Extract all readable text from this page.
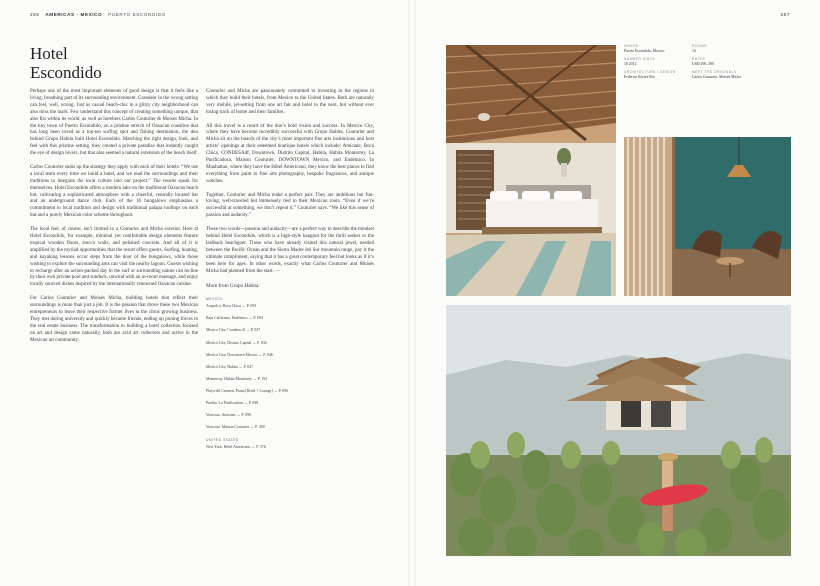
286 AMERICAS · MEXICO PUERTO ESCONDIDO	287
Hotel
Escondido

Perhaps one of the most important elements of good design is that it feels like a living, breathing part of its surrounding environment. Grandeur in the wrong setting can feel, well, wrong. Just as casual beach-chic in a glitzy city neighborhood can also miss the mark. Few understand this concept of creating something unique, that also fits within its world, as well as hoteliers Carlos Couturier & Moisés Micha. In the tiny town of Puerto Escondido, on a pristine stretch of Oaxacan coastline that has long been loved as a top-ten surfing spot and fishing destination, the duo behind Grupo Habita built Hotel Escondido. Matching the right design, look, and feel with this pristine setting, they created a private paradise that instantly caught the eye of design lovers, but that also seemed a natural extension of the beach itself.

Carlos Couturier sums up the strategy they apply with each of their hotels: “We use a local team every time we build a hotel, and we read the surroundings and their traditions to integrate the local culture into our project.” The results speak for themselves. Hotel Escondido offers a modern take on the traditional Oaxacan beach hut, cultivating a sophisticated atmosphere with a cheerful, centrally located bar and an underground dance club. Each of the 16 bungalows emphasizes a commitment to local tradition and design with traditional palapa rooftops on each hut and a purely Mexican color scheme throughout.

The local feel, of course, isn’t limited to a Couturier and Micha exterior. Here at Hotel Escondido, for example, minimal yet comfortable design elements feature tropical wooden floors, stucco walls, and polished concrete. And all of it is amplified by the myriad opportunities that the resort offers guests. Surfing, boating, and kayaking lessons occur steps from the door of the bungalows, while those wishing to explore the surrounding area can visit the nearby lagoon. Guests wishing to recharge after an action-packed day in the surf or surrounding nature can recline by their own private pool and sundeck, unwind with an in-room massage, and enjoy locally sourced dishes inspired by the internationally renowned Oaxacan cuisine.

For Carlos Couturier and Moisés Micha, building hotels that reflect their surroundings is more than just a job. It is the passion that drove these two Mexican entrepreneurs to leave their respective former lives in the citrus growing business. They met during university and quickly became friends, ending up joining forces in the real estate business. The transformation to building a hotel collection focused on art and design came naturally, both are avid art collectors and active in the Mexican art community.

Couturier and Micha are passionately committed to investing in the regions in which they build their hotels, from Mexico to the United States. Both are naturally very mobile, jet-setting from one art fair and hotel to the next, but without ever losing track of home and their families.

All this travel is a result of the duo’s bold vision and success. In Mexico City, where they have become incredibly successful with Grupo Habita, Couturier and Micha sit on the boards of the city’s most important fine arts institutions and host artists’ openings at their esteemed boutique hotels which include: Amicane, Boca Chica, CONDESAdf, Downtown, Distrito Capital, Habita, Habita Monterrey, La Purificadora, Maison Couturier, DOWNTOWN Mexico, and Endémico. In Manhattan, where they have the Hôtel Americano, they know the best places to find everything from paint to fine arts photography, bespoke fragrances, and antique watches.

Together, Couturier and Micha make a perfect pair. They are ambitious but fun-loving, well-traveled but immensely tied to their Mexican roots. “Even if we’re successful at something, we don’t repeat it,” Couturier says. “We like this sense of passion and audacity.”

These two words—passion and audacity—are a perfect way to describe the mindset behind Hotel Escondido, which is a high-style hangout for the thrill seeker or the laidback beachgoer. Those who have already visited this natural jewel, nestled between the Pacific Ocean and the Sierra Madre del Sur mountain range, pay it the ultimate compliment, saying that it has a great contemporary feel but looks as if it’s been here for ages. In other words, exactly what Carlos Couturier and Moisés Micha had planned from the start. —

More from Grupo Habita:
MEXICO

Acapulco, Boca Chica → P. 093

Baja California, Endémico → P. 094

Mexico City, Condesa df → P. 047

Mexico City, Distrito Capital → P. 036

Mexico City, Downtown Mexico → P. 046

Mexico City, Habita → P. 047

Monterrey, Habita Monterrey → P. 192

Playa del Carmen, Prana [Hotel + Lounge] → P. 096

Puebla, La Purificadora → P. 098

Veracruz, Amicane → P. 096

Veracruz, Maison Couturier → P. 300

UNITED STATES

New York, Hôtel Americano → P. 376

WHERE

Puerto Escondido, Mexico

NUMBER SINCE

16 2012

ARCHITECTURE / DESIGN

Federico Rivera Rio

ROOMS

16

RATES

USD 290–380

MEET THE ORIGINALS

Carlos Couturier, Moisés Micha
